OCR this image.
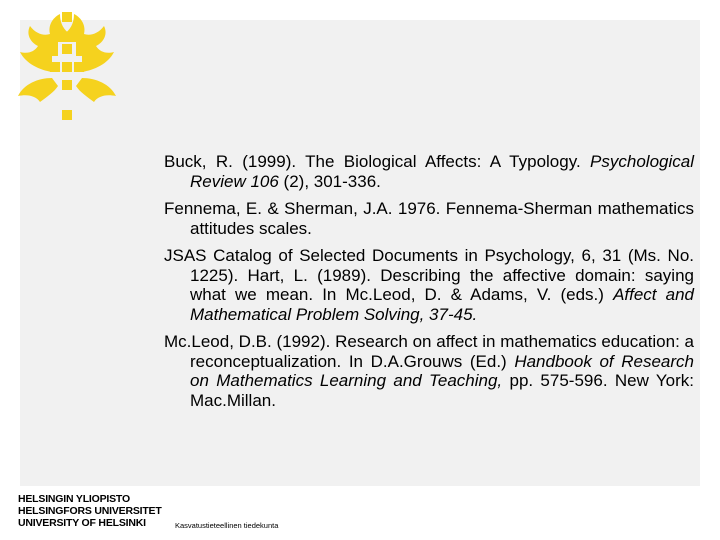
Buck, R. (1999). The Biological Affects: A Typology. Psychological Review 106 (2), 301-336.

Fennema, E. & Sherman, J.A. 1976. Fennema-Sherman mathematics attitudes scales.

JSAS Catalog of Selected Documents in Psychology, 6, 31 (Ms. No. 1225). Hart, L. (1989). Describing the affective domain: saying what we mean. In Mc.Leod, D. & Adams, V. (eds.) Affect and Mathematical Problem Solving, 37-45.

Mc.Leod, D.B. (1992). Research on affect in mathematics education: a reconceptualization. In D.A.Grouws (Ed.) Handbook of Research on Mathematics Learning and Teaching, pp. 575-596. New York: Mac.Millan.

HELSINGIN YLIOPISTO
HELSINGFORS UNIVERSITET
UNIVERSITY OF HELSINKI	Kasvatustieteellinen tiedekunta
